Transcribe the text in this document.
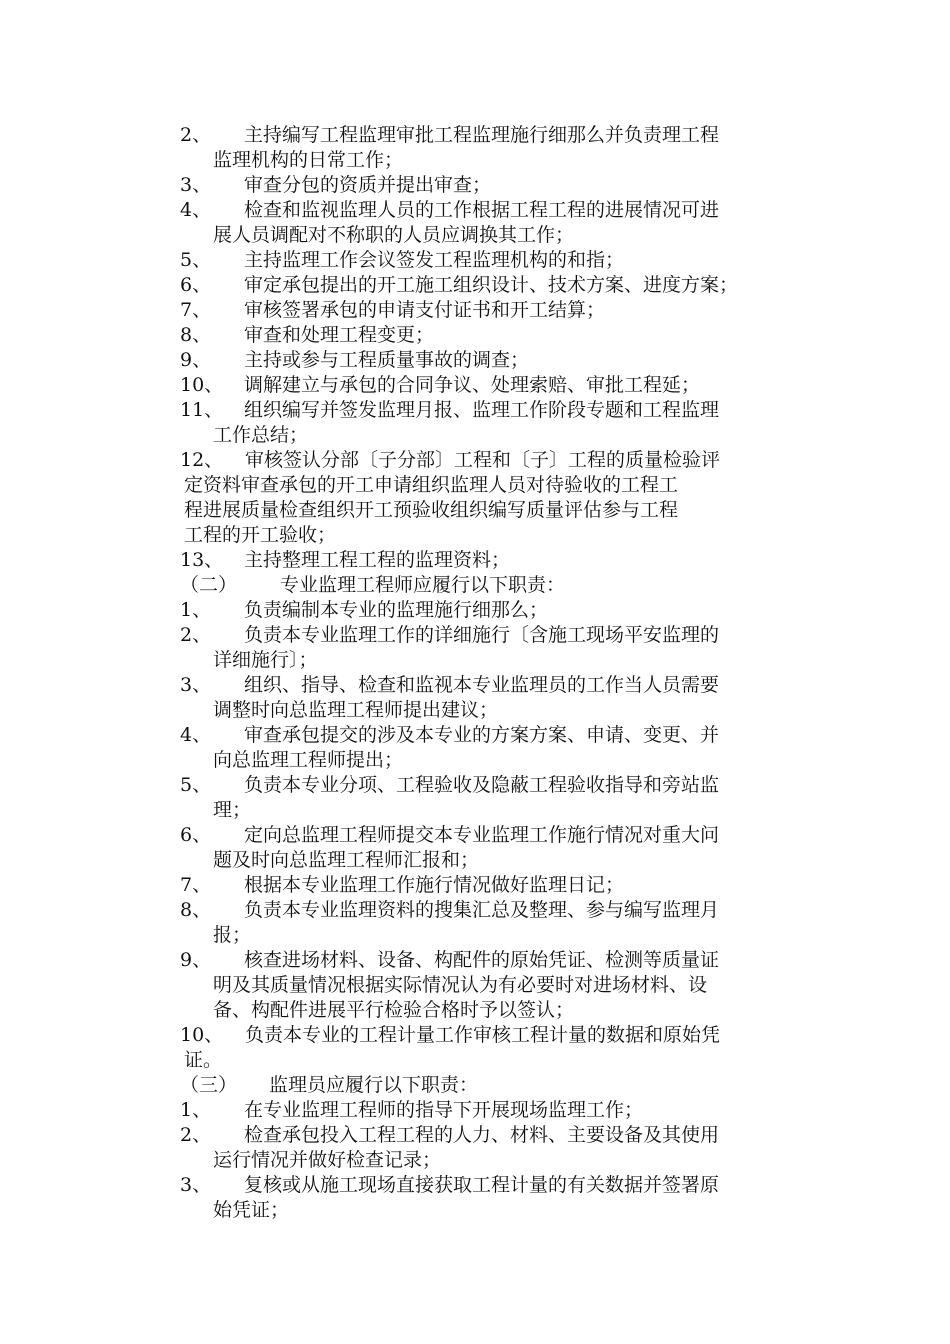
2、	主持编写工程监理审批工程监理施行细那么并负责理工程
监理机构的日常工作；
3、	审查分包的资质并提出审查；
4、	检查和监视监理人员的工作根据工程工程的进展情况可进
展人员调配对不称职的人员应调换其工作；
5、	主持监理工作会议签发工程监理机构的和指；
6、	审定承包提出的开工施工组织设计、技术方案、进度方案；
7、	审核签署承包的申请支付证书和开工结算；
8、	审查和处理工程变更；
9、	主持或参与工程质量事故的调查；
10、	调解建立与承包的合同争议、处理索赔、审批工程延；
11、	组织编写并签发监理月报、监理工作阶段专题和工程监理
工作总结；
12、	审核签认分部〔子分部〕工程和〔子〕工程的质量检验评
定资料审查承包的开工申请组织监理人员对待验收的工程工
程进展质量检查组织开工预验收组织编写质量评估参与工程
工程的开工验收；
13、	主持整理工程工程的监理资料；
（二） 专业监理工程师应履行以下职责：

1、	负责编制本专业的监理施行细那么；
2、	负责本专业监理工作的详细施行〔含施工现场平安监理的
详细施行〕；
3、	组织、指导、检查和监视本专业监理员的工作当人员需要
调整时向总监理工程师提出建议；
4、	审查承包提交的涉及本专业的方案方案、申请、变更、并
向总监理工程师提出；
5、	负责本专业分项、工程验收及隐蔽工程验收指导和旁站监
理；
6、	定向总监理工程师提交本专业监理工作施行情况对重大问
题及时向总监理工程师汇报和；
7、	根据本专业监理工作施行情况做好监理日记；
8、	负责本专业监理资料的搜集汇总及整理、参与编写监理月
报；
9、	核查进场材料、设备、构配件的原始凭证、检测等质量证
明及其质量情况根据实际情况认为有必要时对进场材料、设
备、构配件进展平行检验合格时予以签认；
10、	负责本专业的工程计量工作审核工程计量的数据和原始凭
证。
（三） 监理员应履行以下职责：

1、	在专业监理工程师的指导下开展现场监理工作；
2、	检查承包投入工程工程的人力、材料、主要设备及其使用
运行情况并做好检查记录；
3、	复核或从施工现场直接获取工程计量的有关数据并签署原
始凭证；
